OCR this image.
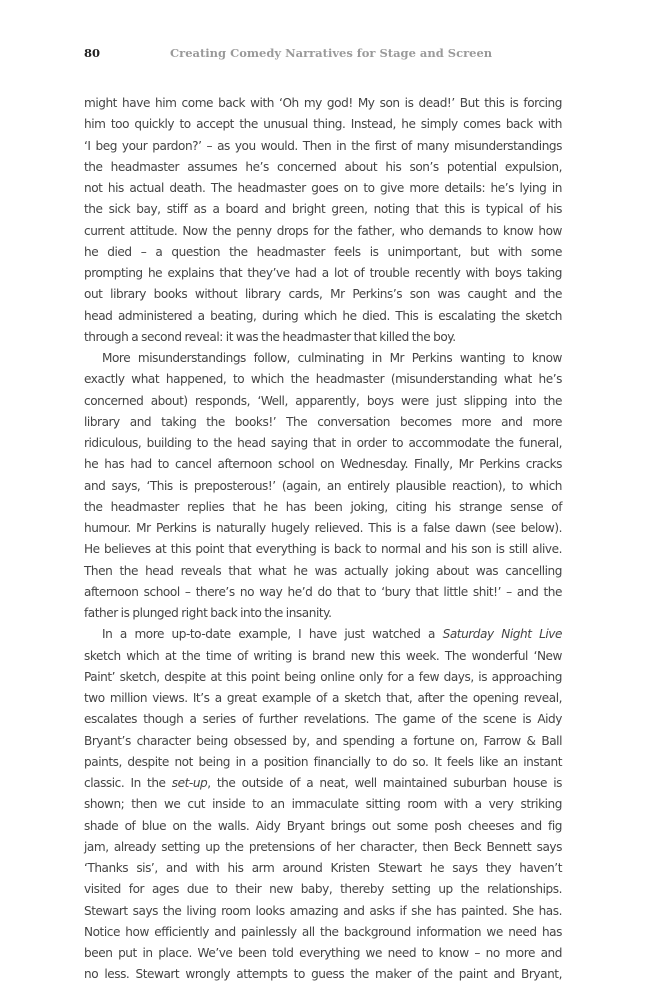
80	Creating Comedy Narratives for Stage and Screen
might have him come back with ‘Oh my god! My son is dead!’ But this is forcing
him too quickly to accept the unusual thing. Instead, he simply comes back with
‘I beg your pardon?’ – as you would. Then in the first of many misunderstandings
the headmaster assumes he’s concerned about his son’s potential expulsion,
not his actual death. The headmaster goes on to give more details: he’s lying in
the sick bay, stiff as a board and bright green, noting that this is typical of his
current attitude. Now the penny drops for the father, who demands to know how
he died – a question the headmaster feels is unimportant, but with some
prompting he explains that they’ve had a lot of trouble recently with boys taking
out library books without library cards, Mr Perkins’s son was caught and the
head administered a beating, during which he died. This is escalating the sketch
through a second reveal: it was the headmaster that killed the boy.
More misunderstandings follow, culminating in Mr Perkins wanting to know
exactly what happened, to which the headmaster (misunderstanding what he’s
concerned about) responds, ‘Well, apparently, boys were just slipping into the
library and taking the books!’ The conversation becomes more and more
ridiculous, building to the head saying that in order to accommodate the funeral,
he has had to cancel afternoon school on Wednesday. Finally, Mr Perkins cracks
and says, ‘This is preposterous!’ (again, an entirely plausible reaction), to which
the headmaster replies that he has been joking, citing his strange sense of
humour. Mr Perkins is naturally hugely relieved. This is a false dawn (see below).
He believes at this point that everything is back to normal and his son is still alive.
Then the head reveals that what he was actually joking about was cancelling
afternoon school – there’s no way he’d do that to ‘bury that little shit!’ – and the
father is plunged right back into the insanity.
In a more up-to-date example, I have just watched a Saturday Night Live
sketch which at the time of writing is brand new this week. The wonderful ‘New
Paint’ sketch, despite at this point being online only for a few days, is approaching
two million views. It’s a great example of a sketch that, after the opening reveal,
escalates though a series of further revelations. The game of the scene is Aidy
Bryant’s character being obsessed by, and spending a fortune on, Farrow & Ball
paints, despite not being in a position financially to do so. It feels like an instant
classic. In the set-up, the outside of a neat, well maintained suburban house is
shown; then we cut inside to an immaculate sitting room with a very striking
shade of blue on the walls. Aidy Bryant brings out some posh cheeses and fig
jam, already setting up the pretensions of her character, then Beck Bennett says
‘Thanks sis’, and with his arm around Kristen Stewart he says they haven’t
visited for ages due to their new baby, thereby setting up the relationships.
Stewart says the living room looks amazing and asks if she has painted. She has.
Notice how efficiently and painlessly all the background information we need has
been put in place. We’ve been told everything we need to know – no more and
no less. Stewart wrongly attempts to guess the maker of the paint and Bryant,
